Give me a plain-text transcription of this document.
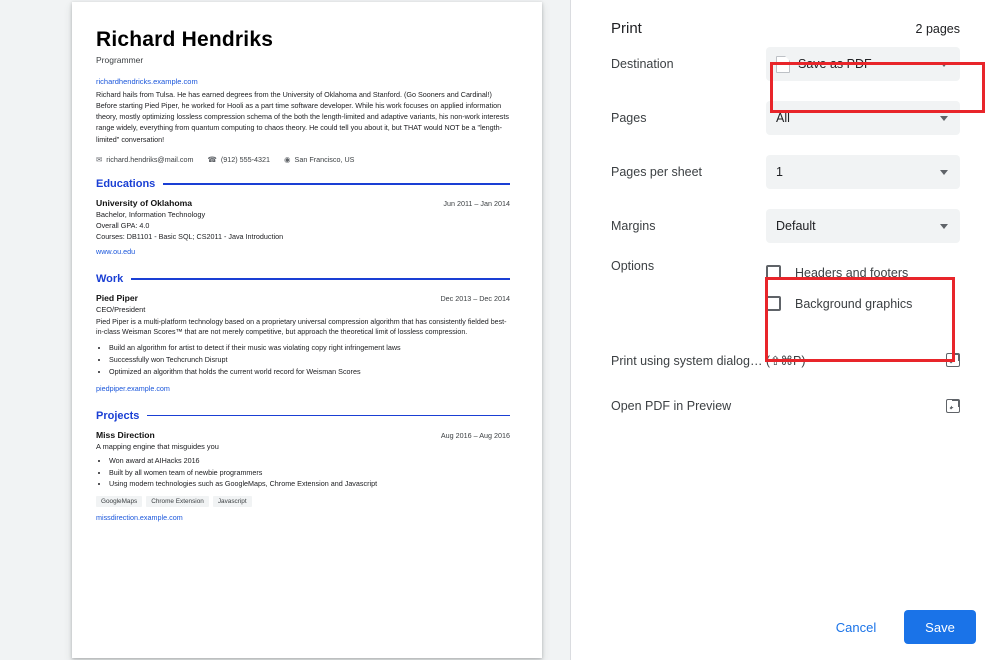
Richard Hendriks
Programmer
richardhendricks.example.com
Richard hails from Tulsa. He has earned degrees from the University of Oklahoma and Stanford. (Go Sooners and Cardinal!) Before starting Pied Piper, he worked for Hooli as a part time software developer. While his work focuses on applied information theory, mostly optimizing lossless compression schema of the both the length-limited and adaptive variants, his non-work interests range widely, everything from quantum computing to chaos theory. He could tell you about it, but THAT would NOT be a "length-limited" conversation!
✉ richard.hendriks@mail.com ☎ (912) 555-4321 ◉ San Francisco, US
Educations
University of Oklahoma	Jun 2011 – Jan 2014
Bachelor, Information Technology
Overall GPA: 4.0
Courses: DB1101 - Basic SQL; CS2011 - Java Introduction
www.ou.edu
Work
Pied Piper	Dec 2013 – Dec 2014
CEO/President
Pied Piper is a multi-platform technology based on a proprietary universal compression algorithm that has consistently fielded best-in-class Weisman Scores™ that are not merely competitive, but approach the theoretical limit of lossless compression.
• Build an algorithm for artist to detect if their music was violating copy right infringement laws
• Successfully won Techcrunch Disrupt
• Optimized an algorithm that holds the current world record for Weisman Scores
piedpiper.example.com
Projects
Miss Direction	Aug 2016 – Aug 2016
A mapping engine that misguides you
• Won award at AIHacks 2016
• Built by all women team of newbie programmers
• Using modern technologies such as GoogleMaps, Chrome Extension and Javascript
GoogleMaps	Chrome Extension	Javascript
missdirection.example.com
Print	2 pages
Destination	Save as PDF
Pages	All
Pages per sheet	1
Margins	Default
Options	Headers and footers
Background graphics
Print using system dialog… (⇧⌘P)
Open PDF in Preview
Cancel	Save
